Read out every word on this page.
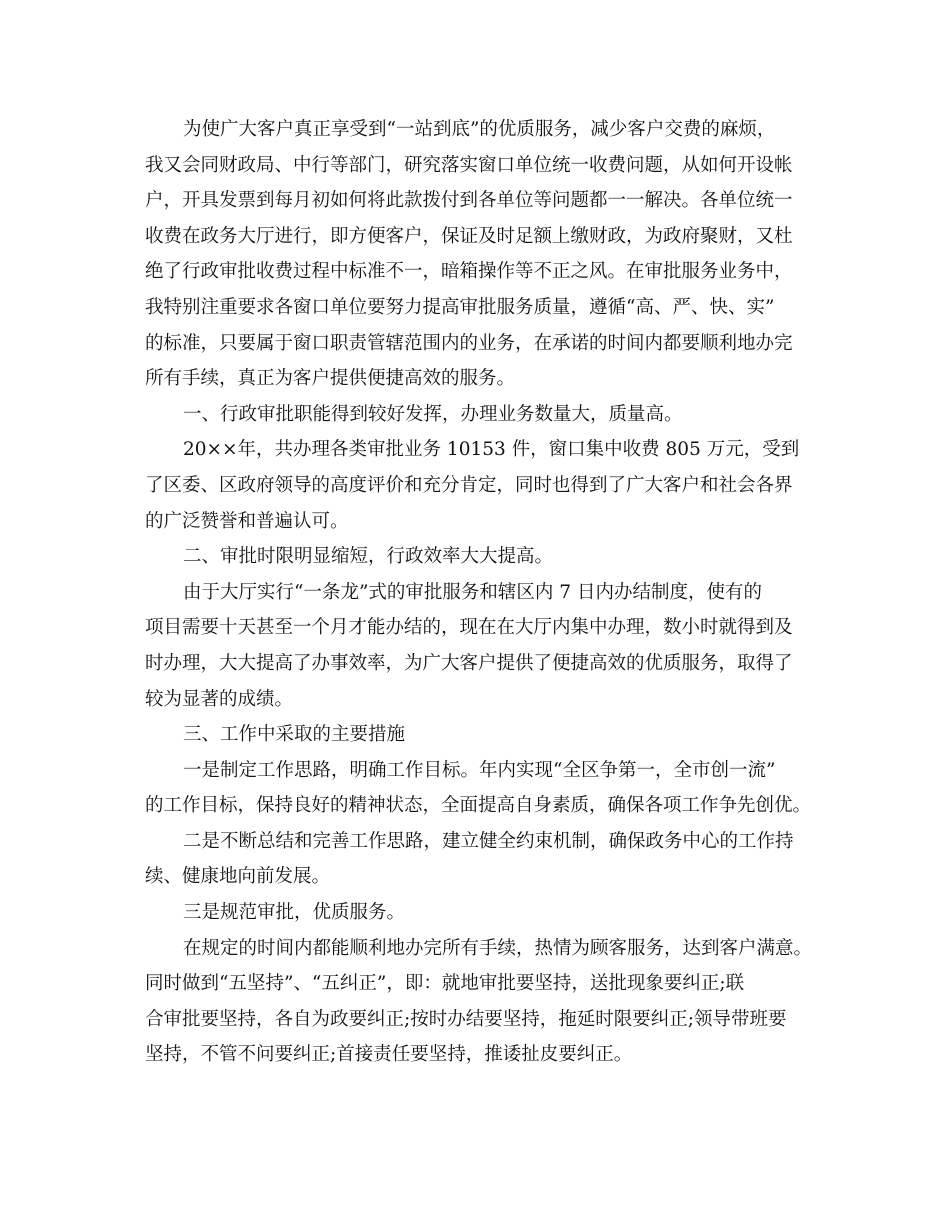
为使广大客户真正享受到“一站到底”的优质服务，减少客户交费的麻烦，
我又会同财政局、中行等部门，研究落实窗口单位统一收费问题，从如何开设帐
户，开具发票到每月初如何将此款拨付到各单位等问题都一一解决。各单位统一
收费在政务大厅进行，即方便客户，保证及时足额上缴财政，为政府聚财，又杜
绝了行政审批收费过程中标准不一，暗箱操作等不正之风。在审批服务业务中，
我特别注重要求各窗口单位要努力提高审批服务质量，遵循“高、严、快、实”
的标准，只要属于窗口职责管辖范围内的业务，在承诺的时间内都要顺利地办完
所有手续，真正为客户提供便捷高效的服务。

一、行政审批职能得到较好发挥，办理业务数量大，质量高。

20××年，共办理各类审批业务 10153 件，窗口集中收费 805 万元，受到
了区委、区政府领导的高度评价和充分肯定，同时也得到了广大客户和社会各界
的广泛赞誉和普遍认可。

二、审批时限明显缩短，行政效率大大提高。

由于大厅实行“一条龙”式的审批服务和辖区内 7 日内办结制度，使有的
项目需要十天甚至一个月才能办结的，现在在大厅内集中办理，数小时就得到及
时办理，大大提高了办事效率，为广大客户提供了便捷高效的优质服务，取得了
较为显著的成绩。

三、工作中采取的主要措施

一是制定工作思路，明确工作目标。年内实现“全区争第一，全市创一流”
的工作目标，保持良好的精神状态，全面提高自身素质，确保各项工作争先创优。

二是不断总结和完善工作思路，建立健全约束机制，确保政务中心的工作持
续、健康地向前发展。

三是规范审批，优质服务。

在规定的时间内都能顺利地办完所有手续，热情为顾客服务，达到客户满意。
同时做到“五坚持”、“五纠正”，即：就地审批要坚持，送批现象要纠正;联
合审批要坚持，各自为政要纠正;按时办结要坚持，拖延时限要纠正;领导带班要
坚持，不管不问要纠正;首接责任要坚持，推诿扯皮要纠正。
